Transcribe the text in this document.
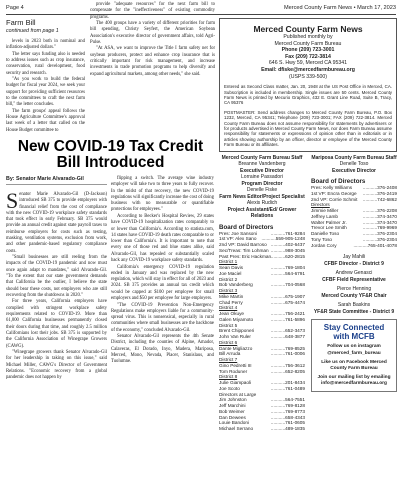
Page 4	Merced County Farm News • March 17, 2023
Farm Bill
continued from page 1

levels in 2023 both in nominal and inflation-adjusted dollars."

The letter says funding also is needed to address issues such as crop insurance, conservation, rural development, food security and research.

"As you work to build the federal budget for fiscal year 2024, we seek your support for providing sufficient resources to the committees to craft the next farm bill," the letter concludes.

The farm groups' appeal follows the House Agriculture Committee's approval last week of a letter that called on the House Budget committee to

provide "adequate resources" for the next farm bill to compensate for the "ineffectiveness" of existing commodity programs.

The 400 groups have a variety of different priorities for farm bill spending, Christy Seyfert, the American Soybean Association's executive director of government affairs, told Agri-Pulse.

"At ASA, we want to improve the Title I farm safety net for soybean producers, protect and enhance crop insurance that is critically important for risk management, and increase investments in trade promotion programs to help diversify and expand agricultural markets, among other needs," she said.

New COVID-19 Tax Credit Bill Introduced
By: Senator Marie Alvarado-Gil

Senator Marie Alvarado-Gil (D-Jackson) introduced SB 375 to provide employers with financial relief from the cost of compliance with the new COVID-19 workplace safety standards that took effect in early February. SB 375 would provide an annual credit against state payroll taxes to reimburse employers for costs such as testing, masking, ventilation systems, exclusion from work, and other pandemic-based regulatory compliance costs.

"Small businesses are still reeling from the impacts of the COVID-19 pandemic and now must once again adapt to mandates," said Alvarado-Gil. "To the extent that our state government demands that California be the outlier, I believe the state should bear these costs, not employers who are still recovering from the shutdowns in 2020."

For three years, California employers have complied with stringent workplace safety requirements related to COVID-19. More than 61,000 California businesses permanently closed their doors during that time, and roughly 2.5 million Californians lost their jobs. SB 375 is supported by the California Association of Winegrape Growers (CAWG).

"Winegrape growers thank Senator Alvarado-Gil for her leadership in taking on this issue," said Michael Miller, CAWG's Director of Government Relations. "Economic recovery from a global pandemic does not happen by

flipping a switch. The average wine industry employer will take two to three years to fully recover. In the midst of that recovery, the new COVID-19 regulations will significantly increase the cost of doing business with no measurable or quantifiable protections for employees."

According to Becker's Hospital Review, 29 states have COVID-19 hospitalization rates comparably to or lower than California's. According to statista.com, 14 states have COVID-19 death rates comparable to or lower than California's. It is important to note that every one of those red and blue states alike, said Alvarado-Gil, has repealed or substantially scaled back any COVID-19 workplace safety standards.

California's emergency COVID-19 regulation ended in January and was replaced by the new regulation, which will stay in effect for all of 2023 and 2024. SB 375 provides an annual tax credit which would be capped at $100 per employee for small employers and $50 per employee for large employers.

"The COVID-19 Prevention Non-Emergency Regulations make employers liable for a community-spread virus. This is nonsensical, especially in rural communities where small businesses are the backbone of the economy," concluded Alvarado-Gil.

Senator Alvarado-Gil represents the 4th Senate District, including the counties of Alpine, Amador, Calaveras, El Dorado, Inyo, Madera, Mariposa, Merced, Mono, Nevada, Placer, Stanislaus, and Tuolumne.

Merced County Farm News
Published monthly by
Merced County Farm Bureau
Phone (209) 723-3001
Fax (209) 722-3814
646 S. Hwy 59, Merced CA 95341
Email: dfiske@mercedfarmbureau.org
(USPS 339-500)
Entered as Second Class matter, Jan. 20, 1948 at the US Post Office in Merced, CA. Subscription is included in membership. Single issues are 50 cents. Merced County Farm News is printed by Mecurio Graphics, 432 E. Grant Line Road, Suite B, Tracy, CA 95376
POSTMASTER: Send address changes to Merced County Farm Bureau, P.O. Box 1232, Merced, CA 95341; Telephone (209) 723-3001; FAX (209) 722-3814. Merced County Farm Bureau does not assume responsibility for statements by advertisers or for products advertised in Merced County Farm News, nor does Farm Bureau assume responsibility for statements or expressions of opinion other than in editorials or in articles showing authorship by an officer, director or employee of the Merced County Farm Bureau or its affiliates.
Merced County Farm Bureau Staff
Breanne Vandenberg
Executive Director
Lorraine Passadori
Program Director
Denelle Fiske
Farm News Editor/Project Specialist
Alexis Rudich
Project Assistant/Ed/ Grower Relations
Board of Directors
Pres: Joe Sansoni	...........761-9284
1st VP: Alex Sano	...........559-905-1248
2nd VP: David Barroso ...........402-6437
Sec/Treas: Tim Lohman ...........988-3045
Past Pres: Eric Hackman ...........620-2815
District 1
Sean Davis	...........769-1804
Joe Maciel	...........564-6791
District 2
Bob Vanderberg	...........704-0568
District 3
Mike Martin	...........675-1907
Chad Perry	...........675-4474
District 4
Jean Okuye	...........756-2421
Galen Miyamoto	...........761-5896
District 5
Brent Chipponeri	...........652-3473
John Van Ruler	...........648-3877
District 6
Dante Migliazzo	...........769-8525
Bill Arruda	...........761-0006
District 7
Gino Pedretti III	...........756-3612
Tom Roduner	...........652-8205
District 8
Julie Giampaoli	...........201-8434
Joe Scoto	...........761-0489
Directors at Large
Jim Johnston	...........564-7551
Jeff Marchini	...........769-8128
Bob Weimer	...........769-8773
Dan Dewees	...........658-4343
Louie Bandoni	...........761-0605
Michael Serrano	...........489-1835
Mariposa County Farm Bureau Staff
Denelle Toso
Executive Director
Board of Directors
Pres: Kelly Williams	...........376-2408
1st VP: Encra George	...........376-2419
2nd VP: Corrie Schmit	...........742-6862
Directors
Jimmie Miller	...........376-2208
Jeffrey Lamb	...........374-3470
Walter Palmer Jr.	...........374-3470
Trevor Lee Smith	...........769-9969
Danielle Toso	...........376-2304
Tony Toso	...........376-2304
Jordan Cory	...........765-401-4078
Jay Mahili
CFBF Director - District 9
Andrew Genasci
CFBF Field Representative
Pierce Henning
Merced County YF&R Chair
Sarah Baskins
YF&R State Committee - District 9
Stay Connected with MCFB
Follow us on instagram @merced_farm_bureau
Like us on Facebook Merced County Farm Bureau
Join our mailing list by emailing info@mercedfarmbureau.org
